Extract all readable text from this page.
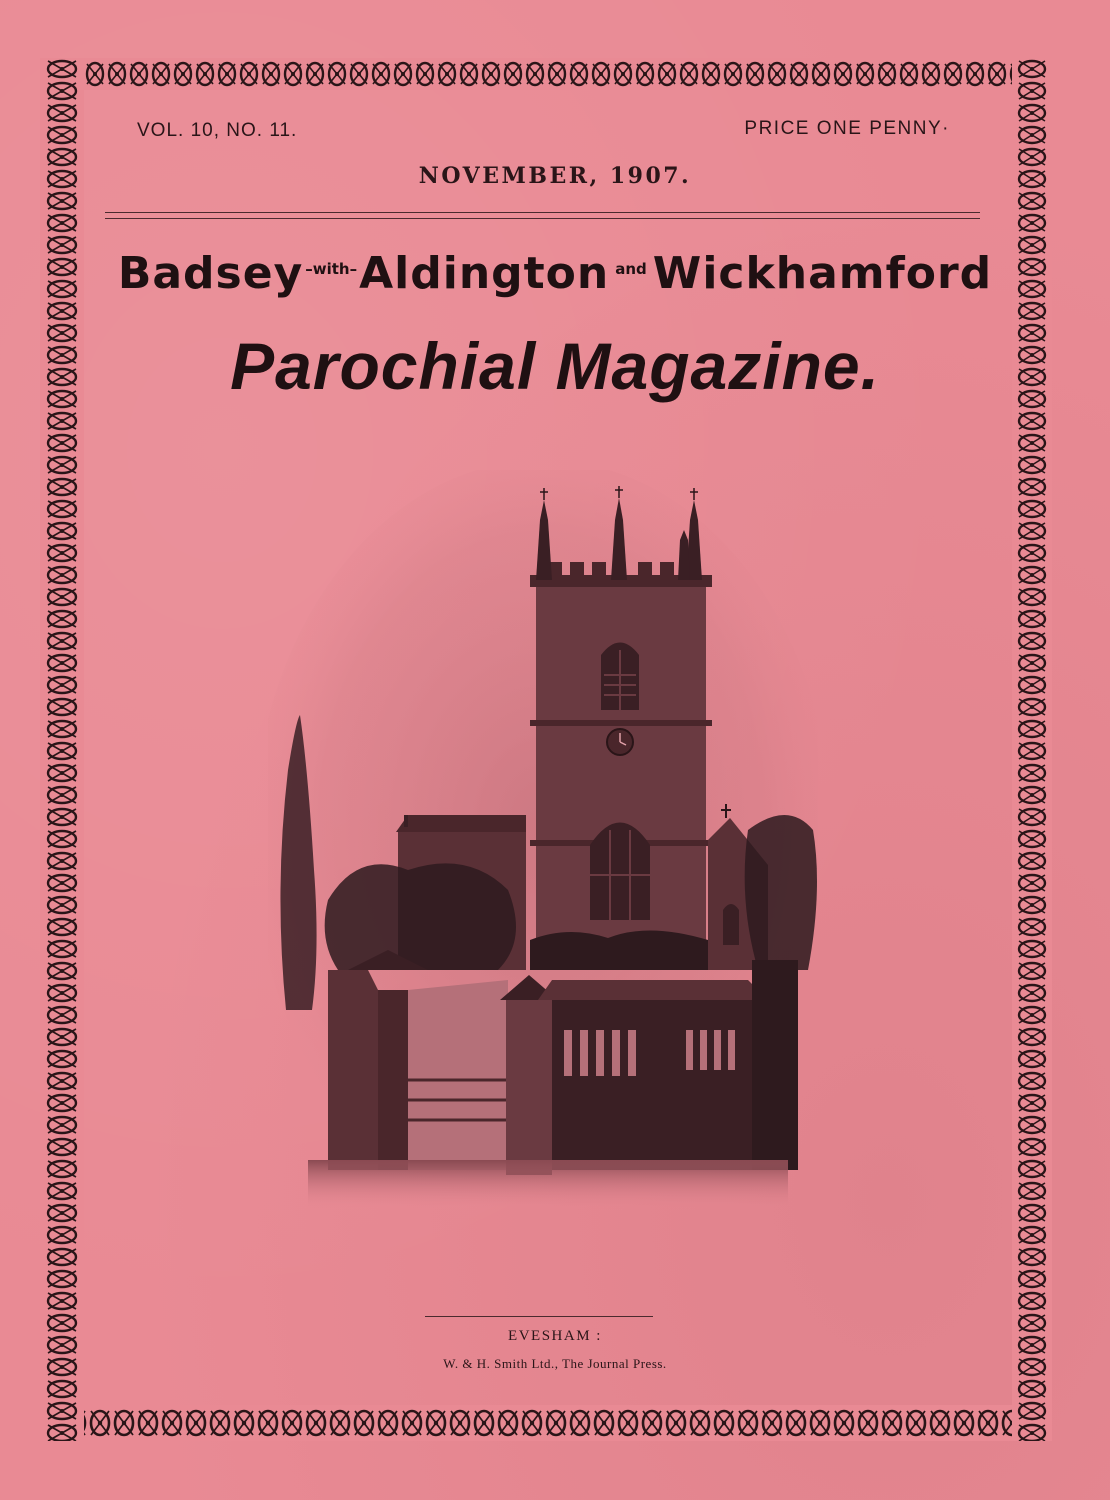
VOL. 10, NO. 11.	PRICE ONE PENNY·
NOVEMBER, 1907.
Badsey –with–Aldington and Wickhamford
Parochial Magazine.
EVESHAM :
W. & H. Smith Ltd., The Journal Press.
